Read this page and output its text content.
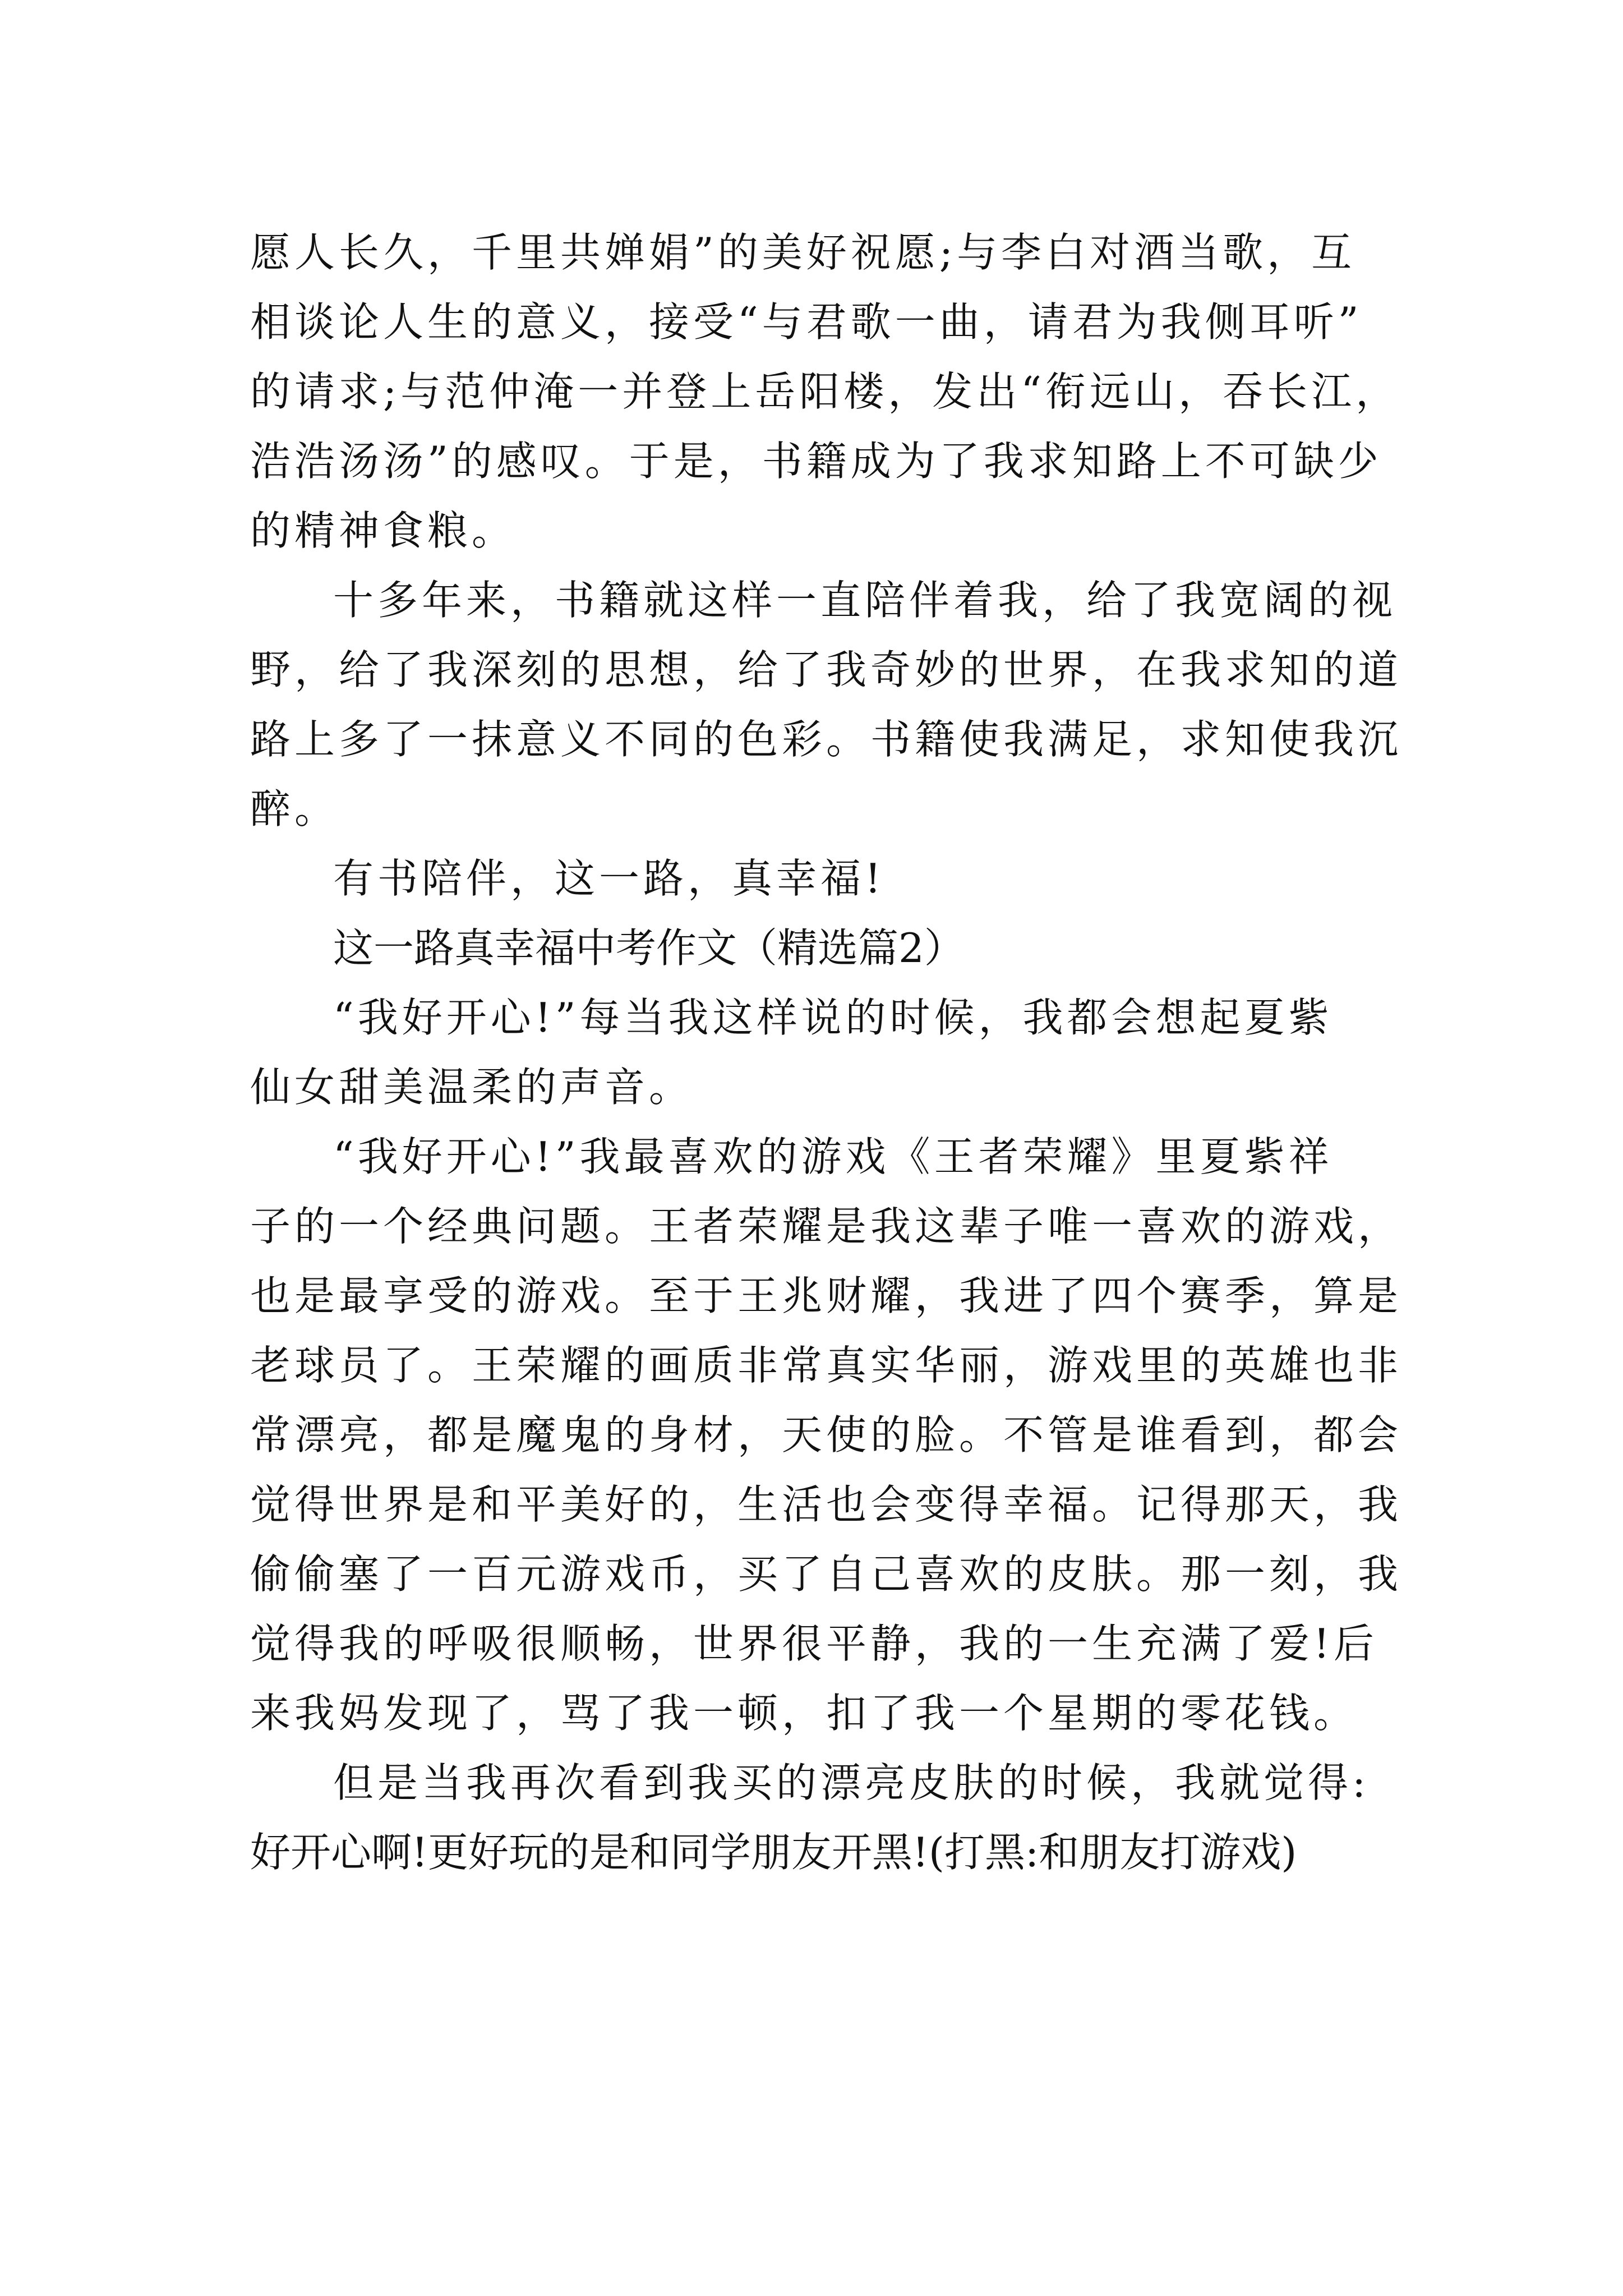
愿人长久，千里共婵娟”的美好祝愿;与李白对酒当歌，互
相谈论人生的意义，接受“与君歌一曲，请君为我侧耳听”
的请求;与范仲淹一并登上岳阳楼，发出“衔远山，吞长江，
浩浩汤汤”的感叹。于是，书籍成为了我求知路上不可缺少
的精神食粮。
十多年来，书籍就这样一直陪伴着我，给了我宽阔的视
野，给了我深刻的思想，给了我奇妙的世界，在我求知的道
路上多了一抹意义不同的色彩。书籍使我满足，求知使我沉
醉。
有书陪伴，这一路，真幸福!
这一路真幸福中考作文（精选篇2）
“我好开心!”每当我这样说的时候，我都会想起夏紫
仙女甜美温柔的声音。
“我好开心!”我最喜欢的游戏《王者荣耀》里夏紫祥
子的一个经典问题。王者荣耀是我这辈子唯一喜欢的游戏，
也是最享受的游戏。至于王兆财耀，我进了四个赛季，算是
老球员了。王荣耀的画质非常真实华丽，游戏里的英雄也非
常漂亮，都是魔鬼的身材，天使的脸。不管是谁看到，都会
觉得世界是和平美好的，生活也会变得幸福。记得那天，我
偷偷塞了一百元游戏币，买了自己喜欢的皮肤。那一刻，我
觉得我的呼吸很顺畅，世界很平静，我的一生充满了爱!后
来我妈发现了，骂了我一顿，扣了我一个星期的零花钱。
但是当我再次看到我买的漂亮皮肤的时候，我就觉得:
好开心啊!更好玩的是和同学朋友开黑!(打黑:和朋友打游戏)
